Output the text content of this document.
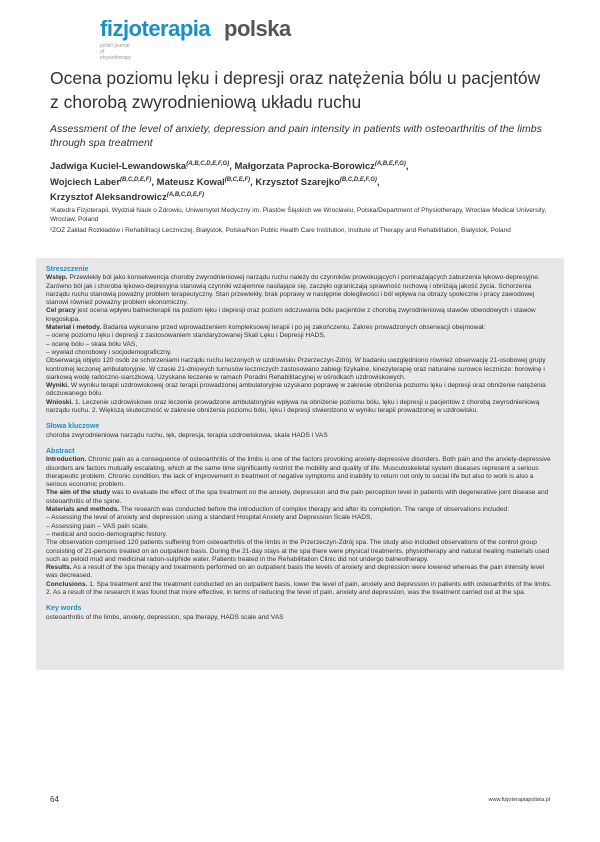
fizjoterapia polska
polish journal of physiotherapy
Ocena poziomu lęku i depresji oraz natężenia bólu u pacjentów z chorobą zwyrodnieniową układu ruchu
Assessment of the level of anxiety, depression and pain intensity in patients with osteoarthritis of the limbs through spa treatment
Jadwiga Kuciel-Lewandowska$^{(A,B,C,D,E,F,G)}$, Małgorzata Paprocka-Borowicz$^{(A,B,E,F,G)}$,
Wojciech Laber$^{(B,C,D,E,F)}$, Mateusz Kowal$^{(B,C,E,F)}$, Krzysztof Szarejko$^{(B,C,D,E,F,G)}$,
Krzysztof Aleksandrowicz$^{(A,B,C,D,E,F)}$

¹Katedra Fizjoterapii, Wydział Nauk o Zdrowiu, Uniwersytet Medyczny im. Piastów Śląskich we Wrocławiu, Polska/Department of Physiotherapy, Wroclaw Medical University, Wroclaw, Poland

²ZOZ Zakład Rozkładów i Rehabilitacji Leczniczej, Białystok, Polska/Non Public Health Care Institution, Institute of Therapy and Rehabilitation, Białystok, Poland

Streszczenie

Wstęp. Przewlekły ból jako konsekwencja choroby zwyrodnieniowej narządu ruchu należy do czynników prowokujących i pomnażających zaburzenia lękowo-depresyjne. Zarówno ból jak i choroba lękowo-depresyjna stanowią czynniki wzajemnie nasilające się, zaczęło ograniczają sprawność ruchową i obniżają jakość życia. Schorzenia narządu ruchu stanowią poważny problem terapeutyczny. Stan przewlekły, brak poprawy w następnie dolegliwości i ból wpływa na obrazy społeczne i pracy zawodowej stanowi również poważny problem ekonomiczny.

Cel pracy jest ocena wpływu balneoterapii na poziom lęku i depresji oraz poziom odczuwania bólu pacjentów z chorobą zwyrodnieniową stawów obwodowych i stawów kręgosłupa.

Materiał i metody. Badania wykonane przed wprowadzeniem kompleksowej terapii i po jej zakończeniu. Zakres prowadzonych obserwacji obejmował:

– ocenę poziomu lęku i depresji z zastosowaniem standaryzowanej Skali Lęku i Depresji HADS,

– ocenę bólu – skala bólu VAS,

– wywiad chorobowy i socjodemograficzny.

Obserwacją objęto 120 osób ze schorzeniami narządu ruchu leczonych w uzdrowisku Przerzeczyn-Zdrój. W badaniu uwzględniono również obserwację 21-osobowej grupy kontrolnej leczonej ambulatoryjnie. W czasie 21-dniowych turnusów leczniczych zastosowano zabiegi fizykalne, kinezyterapię oraz naturalne surowce lecznicze: borowinę i siarkową wodę radoczno-siarczkową. Uzyskane leczenie w ramach Poradni Rehabilitacyjnej w ośrodkach uzdrowiskowych.

Wyniki. W wyniku terapii uzdrowiskowej oraz terapii prowadzonej ambulatoryjnie uzyskano poprawę w zakresie obniżenia poziomu lęku i depresji oraz obniżenie natężenia odczuwanego bólu.

Wnioski. 1. Leczenie uzdrowiskowe oraz leczenie prowadzone ambulatoryjnie wpływa na obniżenie poziomu bólu, lęku i depresji u pacjentów z chorobą zwyrodnieniową narządu ruchu. 2. Większą skuteczność w zakresie obniżenia poziomu bólu, lęku i depresji stwierdzono w wyniku terapii prowadzonej w uzdrowisku.

Słowa kluczowe

choroba zwyrodnieniowa narządu ruchu, lęk, depresja, terapia uzdrowiskowa, skala HADS i VAS

Abstract

Introduction. Chronic pain as a consequence of osteoarthritis of the limbs is one of the factors provoking anxiety-depressive disorders. Both pain and the anxiety-depressive disorders are factors mutually escalating, which at the same time significantly restrict the mobility and quality of life. Musculoskeletal system diseases represent a serious therapeutic problem. Chronic condition, the lack of improvement in treatment of negative symptoms and inability to return not only to social life but also to work is also a serious economic problem.

The aim of the study was to evaluate the effect of the spa treatment on the anxiety, depression and the pain perception level in patients with degenerative joint disease and osteoarthritis of the spine.

Materials and methods. The research was conducted before the introduction of complex therapy and after its completion. The range of observations included:

– Assessing the level of anxiety and depression using a standard Hospital Anxiety and Depression Scale HADS,

– Assessing pain – VAS pain scale,

– medical and socio-demographic history.

The observation comprised 120 patients suffering from osteoarthritis of the limbs in the Przerzeczyn-Zdrój spa. The study also included observations of the control group consisting of 21-persons treated on an outpatient basis. During the 21-day stays at the spa there were physical treatments, physiotherapy and natural healing materials used such as peloid mud and medicinal radon-sulphide water. Patients treated in the Rehabilitation Clinic did not undergo balneotherapy.

Results. As a result of the spa therapy and treatments performed on an outpatient basis the levels of anxiety and depression were lowered whereas the pain intensity level was decreased.

Conclusions. 1. Spa treatment and the treatment conducted on an outpatient basis, lower the level of pain, anxiety and depression in patients with osteoarthritis of the limbs.

2. As a result of the research it was found that more effective, in terms of reducing the level of pain, anxiety and depression, was the treatment carried out at the spa.

Key words

osteoarthritis of the limbs, anxiety, depression, spa therapy, HADS scale and VAS

64	www.fizjoterapiapolska.pl
